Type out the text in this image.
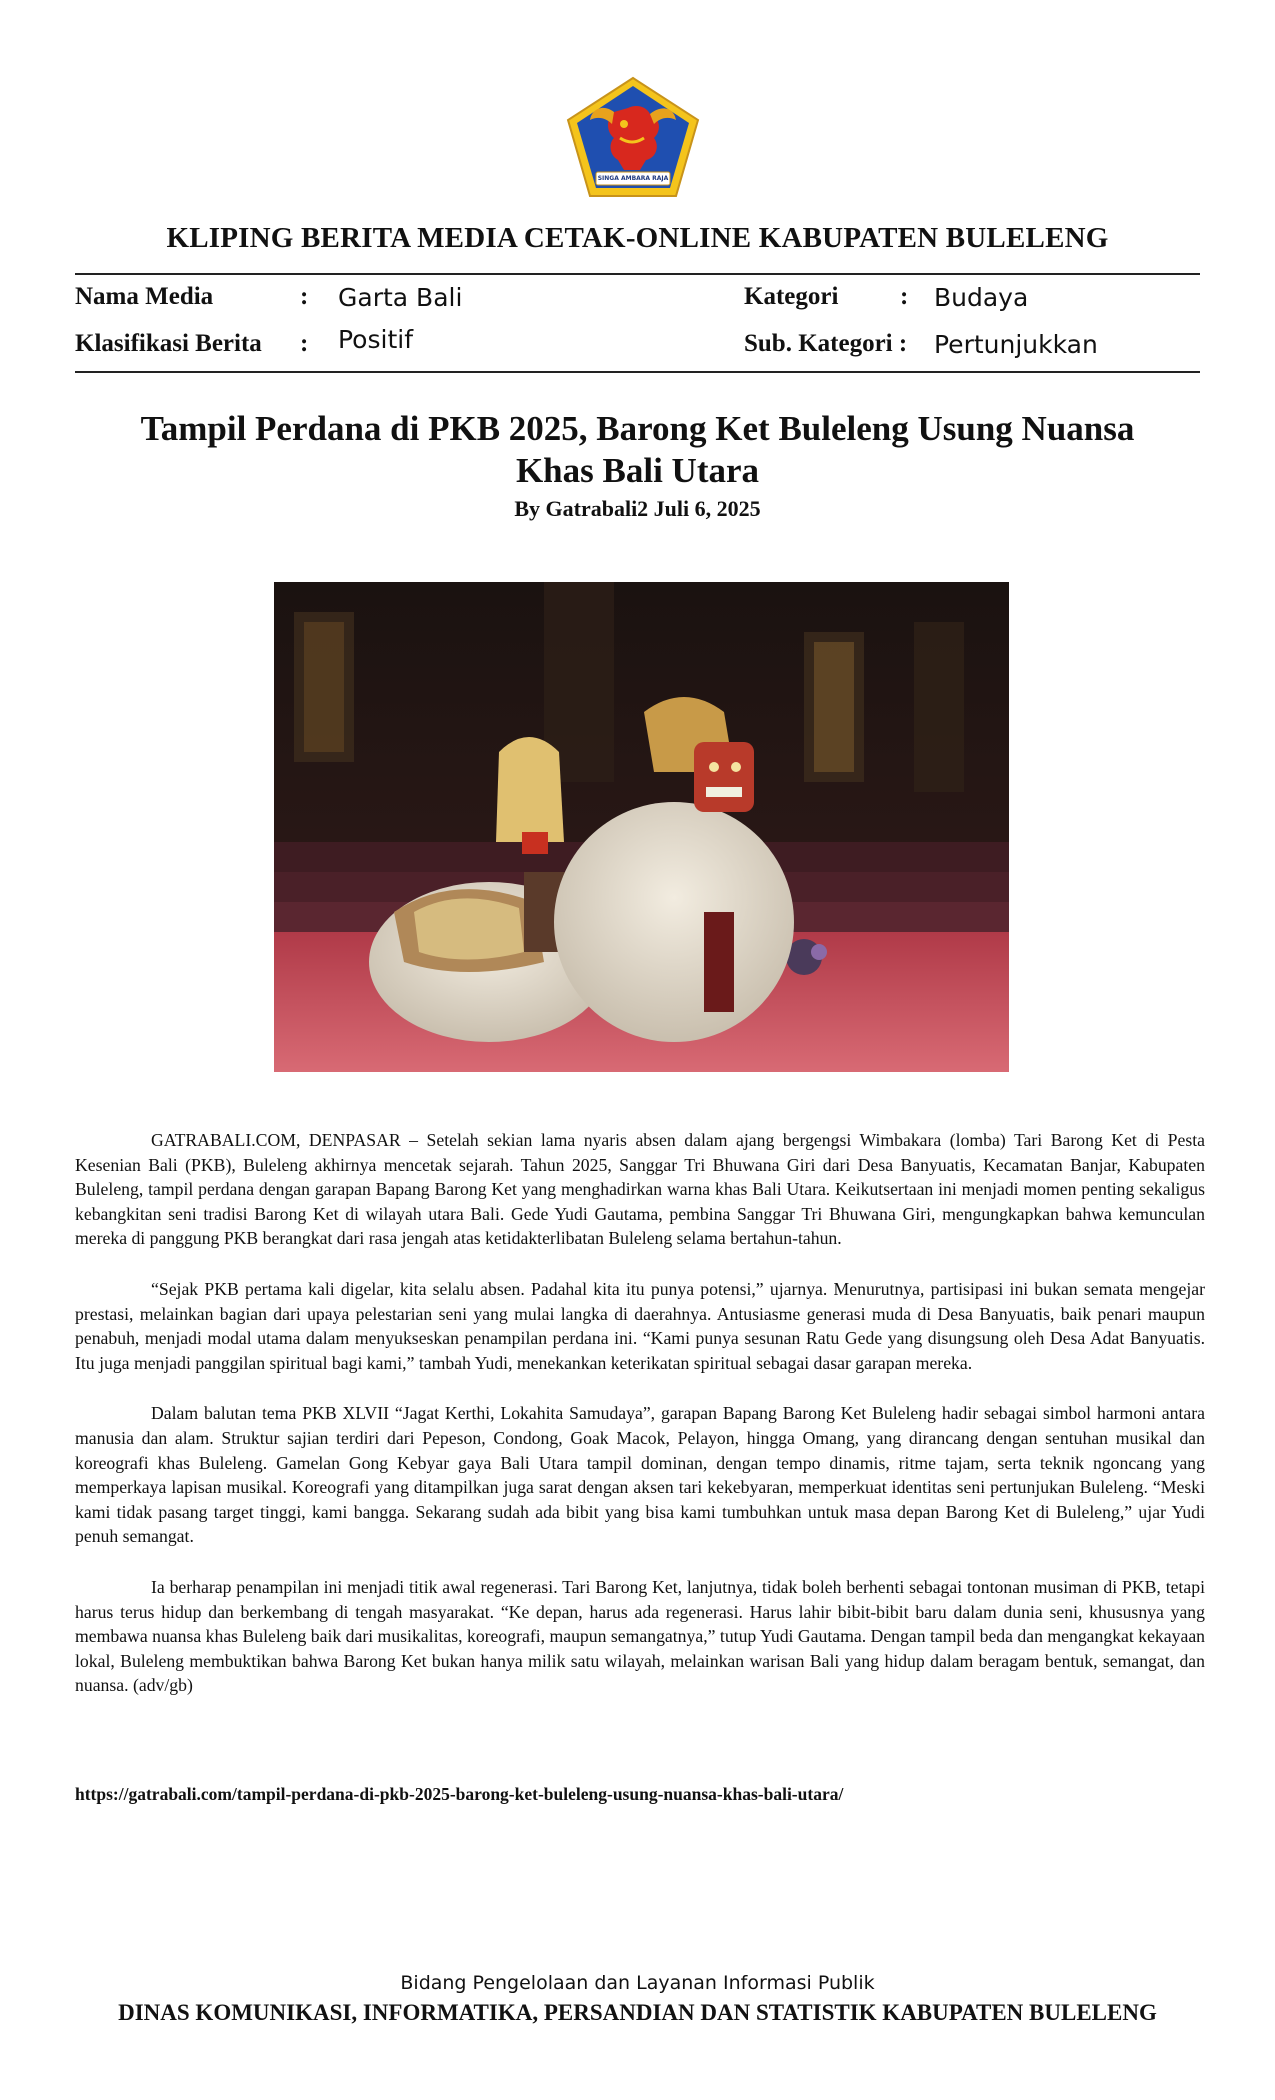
SINGA AMBARA RAJA
KLIPING BERITA MEDIA CETAK-ONLINE KABUPATEN BULELENG
Nama Media	: Garta Bali	Kategori : Budaya
Klasifikasi Berita : Positif	Sub. Kategori : Pertunjukkan
Tampil Perdana di PKB 2025, Barong Ket Buleleng Usung Nuansa Khas Bali Utara
By Gatrabali2 Juli 6, 2025

GATRABALI.COM, DENPASAR – Setelah sekian lama nyaris absen dalam ajang bergengsi Wimbakara (lomba) Tari Barong Ket di Pesta Kesenian Bali (PKB), Buleleng akhirnya mencetak sejarah. Tahun 2025, Sanggar Tri Bhuwana Giri dari Desa Banyuatis, Kecamatan Banjar, Kabupaten Buleleng, tampil perdana dengan garapan Bapang Barong Ket yang menghadirkan warna khas Bali Utara. Keikutsertaan ini menjadi momen penting sekaligus kebangkitan seni tradisi Barong Ket di wilayah utara Bali. Gede Yudi Gautama, pembina Sanggar Tri Bhuwana Giri, mengungkapkan bahwa kemunculan mereka di panggung PKB berangkat dari rasa jengah atas ketidakterlibatan Buleleng selama bertahun-tahun.

“Sejak PKB pertama kali digelar, kita selalu absen. Padahal kita itu punya potensi,” ujarnya. Menurutnya, partisipasi ini bukan semata mengejar prestasi, melainkan bagian dari upaya pelestarian seni yang mulai langka di daerahnya. Antusiasme generasi muda di Desa Banyuatis, baik penari maupun penabuh, menjadi modal utama dalam menyukseskan penampilan perdana ini. “Kami punya sesunan Ratu Gede yang disungsung oleh Desa Adat Banyuatis. Itu juga menjadi panggilan spiritual bagi kami,” tambah Yudi, menekankan keterikatan spiritual sebagai dasar garapan mereka.

Dalam balutan tema PKB XLVII “Jagat Kerthi, Lokahita Samudaya”, garapan Bapang Barong Ket Buleleng hadir sebagai simbol harmoni antara manusia dan alam. Struktur sajian terdiri dari Pepeson, Condong, Goak Macok, Pelayon, hingga Omang, yang dirancang dengan sentuhan musikal dan koreografi khas Buleleng. Gamelan Gong Kebyar gaya Bali Utara tampil dominan, dengan tempo dinamis, ritme tajam, serta teknik ngoncang yang memperkaya lapisan musikal. Koreografi yang ditampilkan juga sarat dengan aksen tari kekebyaran, memperkuat identitas seni pertunjukan Buleleng. “Meski kami tidak pasang target tinggi, kami bangga. Sekarang sudah ada bibit yang bisa kami tumbuhkan untuk masa depan Barong Ket di Buleleng,” ujar Yudi penuh semangat.

Ia berharap penampilan ini menjadi titik awal regenerasi. Tari Barong Ket, lanjutnya, tidak boleh berhenti sebagai tontonan musiman di PKB, tetapi harus terus hidup dan berkembang di tengah masyarakat. “Ke depan, harus ada regenerasi. Harus lahir bibit-bibit baru dalam dunia seni, khususnya yang membawa nuansa khas Buleleng baik dari musikalitas, koreografi, maupun semangatnya,” tutup Yudi Gautama. Dengan tampil beda dan mengangkat kekayaan lokal, Buleleng membuktikan bahwa Barong Ket bukan hanya milik satu wilayah, melainkan warisan Bali yang hidup dalam beragam bentuk, semangat, dan nuansa. (adv/gb)

https://gatrabali.com/tampil-perdana-di-pkb-2025-barong-ket-buleleng-usung-nuansa-khas-bali-utara/
Bidang Pengelolaan dan Layanan Informasi Publik
DINAS KOMUNIKASI, INFORMATIKA, PERSANDIAN DAN STATISTIK KABUPATEN BULELENG
